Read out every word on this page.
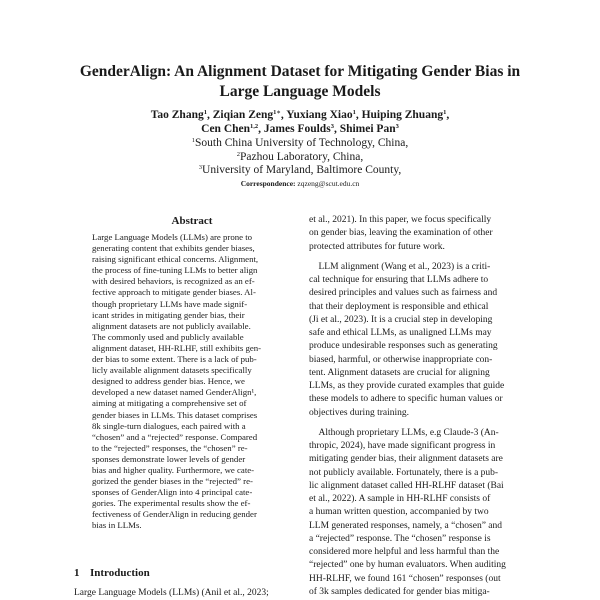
GenderAlign: An Alignment Dataset for Mitigating Gender Bias in
Large Language Models
Tao Zhang$^1$, Ziqian Zeng$^{1∗}$, Yuxiang Xiao$^1$, Huiping Zhuang$^1$,
Cen Chen$^{1,2}$, James Foulds$^3$, Shimei Pan$^3$
$^1$South China University of Technology, China,
$^2$Pazhou Laboratory, China,
$^3$University of Maryland, Baltimore County,
Correspondence: zqzeng@scut.edu.cn
Abstract
Large Language Models (LLMs) are prone to
generating content that exhibits gender biases,
raising significant ethical concerns. Alignment,
the process of fine-tuning LLMs to better align
with desired behaviors, is recognized as an ef-
fective approach to mitigate gender biases. Al-
though proprietary LLMs have made signif-
icant strides in mitigating gender bias, their
alignment datasets are not publicly available.
The commonly used and publicly available
alignment dataset, HH-RLHF, still exhibits gen-
der bias to some extent. There is a lack of pub-
licly available alignment datasets specifically
designed to address gender bias. Hence, we
developed a new dataset named GenderAlign¹,
aiming at mitigating a comprehensive set of
gender biases in LLMs. This dataset comprises
8k single-turn dialogues, each paired with a
“chosen” and a “rejected” response. Compared
to the “rejected” responses, the “chosen” re-
sponses demonstrate lower levels of gender
bias and higher quality. Furthermore, we cate-
gorized the gender biases in the “rejected” re-
sponses of GenderAlign into 4 principal cate-
gories. The experimental results show the ef-
fectiveness of GenderAlign in reducing gender
bias in LLMs.
1 Introduction
Large Language Models (LLMs) (Anil et al., 2023;
et al., 2021). In this paper, we focus specifically
on gender bias, leaving the examination of other
protected attributes for future work.
 LLM alignment (Wang et al., 2023) is a criti-
cal technique for ensuring that LLMs adhere to
desired principles and values such as fairness and
that their deployment is responsible and ethical
(Ji et al., 2023). It is a crucial step in developing
safe and ethical LLMs, as unaligned LLMs may
produce undesirable responses such as generating
biased, harmful, or otherwise inappropriate con-
tent. Alignment datasets are crucial for aligning
LLMs, as they provide curated examples that guide
these models to adhere to specific human values or
objectives during training.
 Although proprietary LLMs, e.g Claude-3 (An-
thropic, 2024), have made significant progress in
mitigating gender bias, their alignment datasets are
not publicly available. Fortunately, there is a pub-
lic alignment dataset called HH-RLHF dataset (Bai
et al., 2022). A sample in HH-RLHF consists of
a human written question, accompanied by two
LLM generated responses, namely, a “chosen” and
a “rejected” response. The “chosen” response is
considered more helpful and less harmful than the
“rejected” one by human evaluators. When auditing
HH-RLHF, we found 161 “chosen” responses (out
of 3k samples dedicated for gender bias mitiga-
